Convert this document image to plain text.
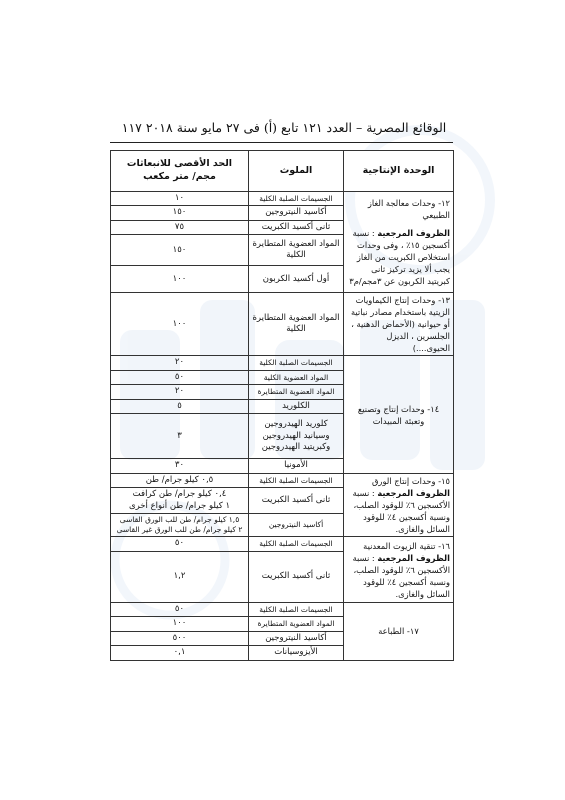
الوقائع المصرية – العدد ١٢١ تابع (أ) فى ٢٧ مايو سنة ٢٠١٨ ١١٧
الوحدة الإنتاجية	الملوث	الحد الأقصى للانبعاثات مجم/ متر مكعب

١٢- وحدات معالجة الغاز الطبيعي
الظروف المرجعية : نسبة أكسجين ١٥٪ ، وفى وحدات استخلاص الكبريت من الغاز يجب ألا يزيد تركيز ثانى كبريتيد الكربون عن ٣مجم/م٣	الجسيمات الصلبة الكلية	١٠
	أكاسيد النيتروجين	١٥٠
	ثانى أكسيد الكبريت	٧٥
	المواد العضوية المتطايرة الكلية	١٥٠
	أول أكسيد الكربون	١٠٠
١٣- وحدات إنتاج الكيماويات الزيتية باستخدام مصادر نباتية أو حيوانية (الأحماض الدهنية ، الجلسرين ، الديزل الحيوى....)	المواد العضوية المتطايرة الكلية	١٠٠
١٤- وحدات إنتاج وتصنيع وتعبئة المبيدات	الجسيمات الصلبة الكلية	٢٠
	المواد العضوية الكلية	٥٠
	المواد العضوية المتطايرة	٢٠
	الكلوريد	٥
	كلوريد الهيدروجين وسيانيد الهيدروجين وكبريتيد الهيدروجين	٣
	الأمونيا	٣٠

١٥- وحدات إنتاج الورق
الظروف المرجعية : نسبة الأكسجين ٦٪ للوقود الصلب، ونسبة أكسجين ٤٪ للوقود السائل والغازى.	الجسيمات الصلبة الكلية	٠,٥ كيلو جرام/ طن
	ثانى أكسيد الكبريت	٠,٤ كيلو جرام/ طن كرافت
١ كيلو جرام/ طن أنواع أخرى

	أكاسيد النيتروجين	١,٥ كيلو جرام/ طن للب الورق القاسى
٢ كيلو جرام/ طن للب الورق غير القاسى

١٦- تنقية الزيوت المعدنية
الظروف المرجعية : نسبة الأكسجين ٦٪ للوقود الصلب، ونسبة أكسجين ٤٪ للوقود السائل والغازى.	الجسيمات الصلبة الكلية	٥٠
	ثانى أكسيد الكبريت	١,٢
١٧- الطباعة	الجسيمات الصلبة الكلية	٥٠
	المواد العضوية المتطايرة	١٠٠
	أكاسيد النيتروجين	٥٠٠
	الأيزوسيانات	٠,١
